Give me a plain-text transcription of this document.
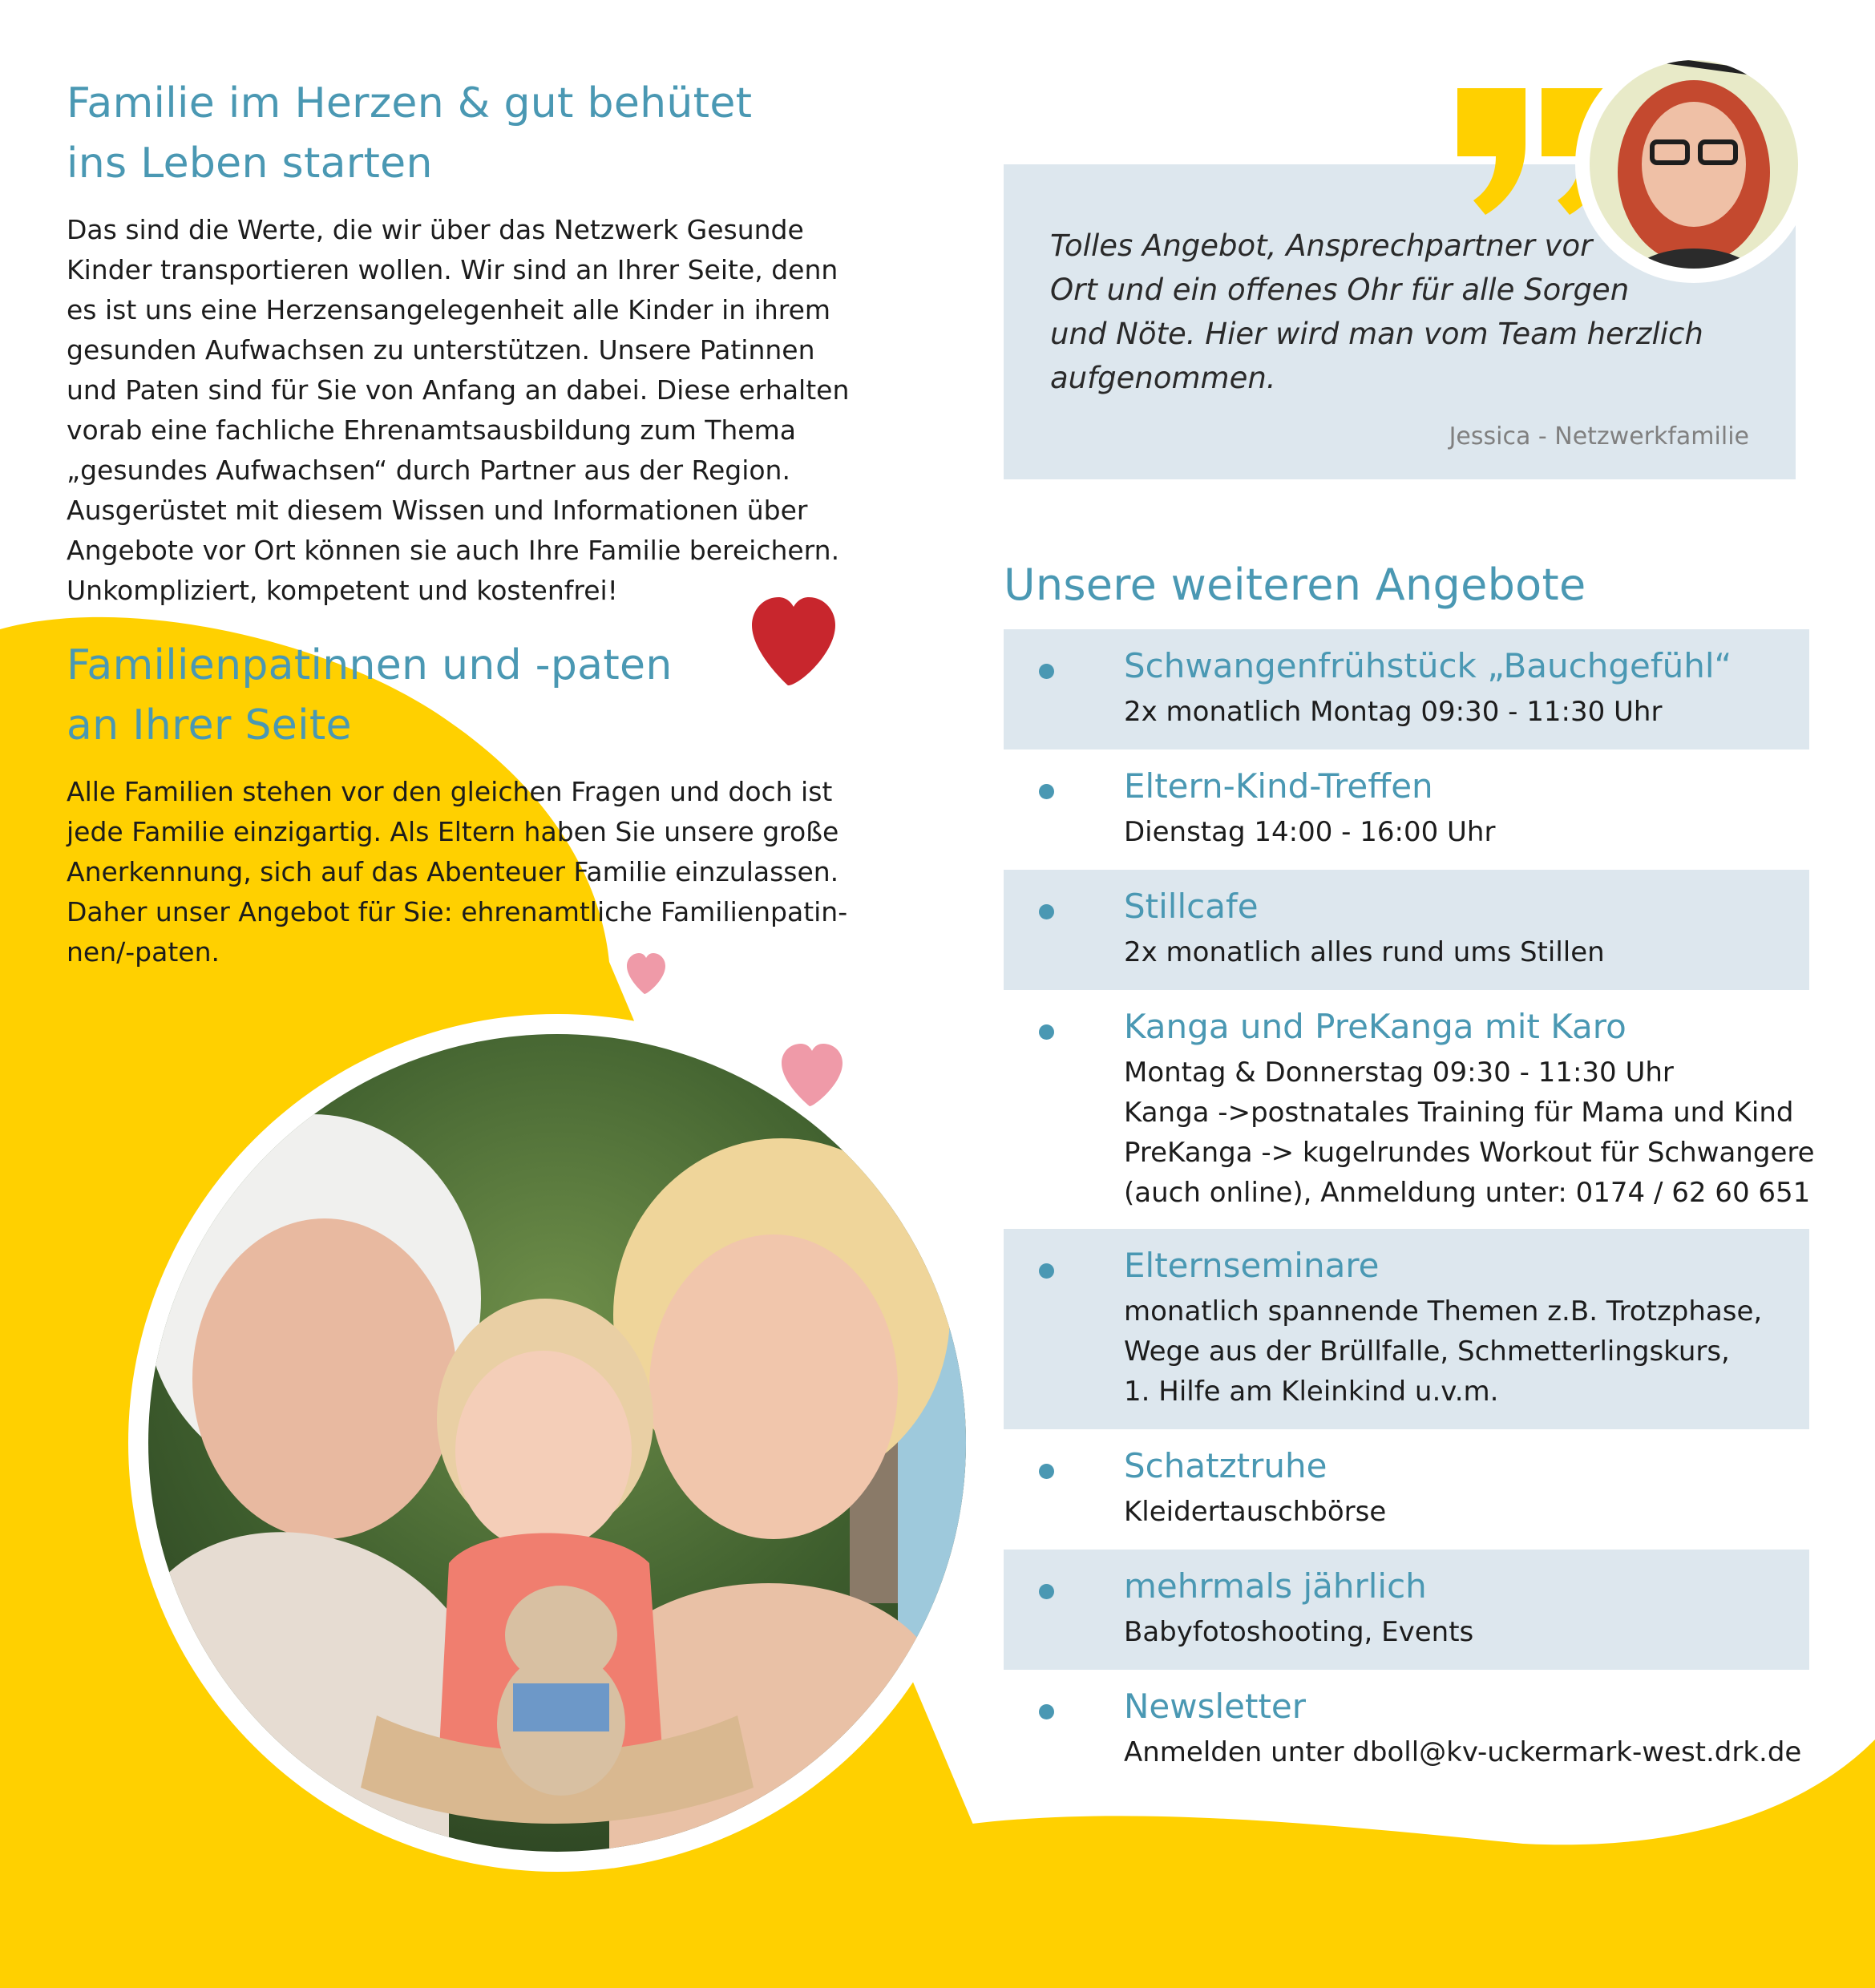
Familie im Herzen & gut behütet
ins Leben starten
Das sind die Werte, die wir über das Netzwerk Gesunde
Kinder transportieren wollen. Wir sind an Ihrer Seite, denn
es ist uns eine Herzensangelegenheit alle Kinder in ihrem
gesunden Aufwachsen zu unterstützen. Unsere Patinnen
und Paten sind für Sie von Anfang an dabei. Diese erhalten
vorab eine fachliche Ehrenamtsausbildung zum Thema
„gesundes Aufwachsen“ durch Partner aus der Region.
Ausgerüstet mit diesem Wissen und Informationen über
Angebote vor Ort können sie auch Ihre Familie bereichern.
Unkompliziert, kompetent und kostenfrei!
Familienpatinnen und -paten
an Ihrer Seite
Alle Familien stehen vor den gleichen Fragen und doch ist
jede Familie einzigartig. Als Eltern haben Sie unsere große
Anerkennung, sich auf das Abenteuer Familie einzulassen.
Daher unser Angebot für Sie: ehrenamtliche Familienpatin-
nen/-paten.
Tolles Angebot, Ansprechpartner vor
Ort und ein offenes Ohr für alle Sorgen
und Nöte. Hier wird man vom Team herzlich
aufgenommen.
Jessica - Netzwerkfamilie
Unsere weiteren Angebote
Schwangenfrühstück „Bauchgefühl“
2x monatlich Montag 09:30 - 11:30 Uhr
Eltern-Kind-Treffen
Dienstag 14:00 - 16:00 Uhr
Stillcafe
2x monatlich alles rund ums Stillen
Kanga und PreKanga mit Karo
Montag & Donnerstag 09:30 - 11:30 Uhr
Kanga ->postnatales Training für Mama und Kind
PreKanga -> kugelrundes Workout für Schwangere
(auch online), Anmeldung unter: 0174 / 62 60 651
Elternseminare
monatlich spannende Themen z.B. Trotzphase,
Wege aus der Brüllfalle, Schmetterlingskurs,
1. Hilfe am Kleinkind u.v.m.
Schatztruhe
Kleidertauschbörse
mehrmals jährlich
Babyfotoshooting, Events
Newsletter
Anmelden unter dboll@kv-uckermark-west.drk.de
